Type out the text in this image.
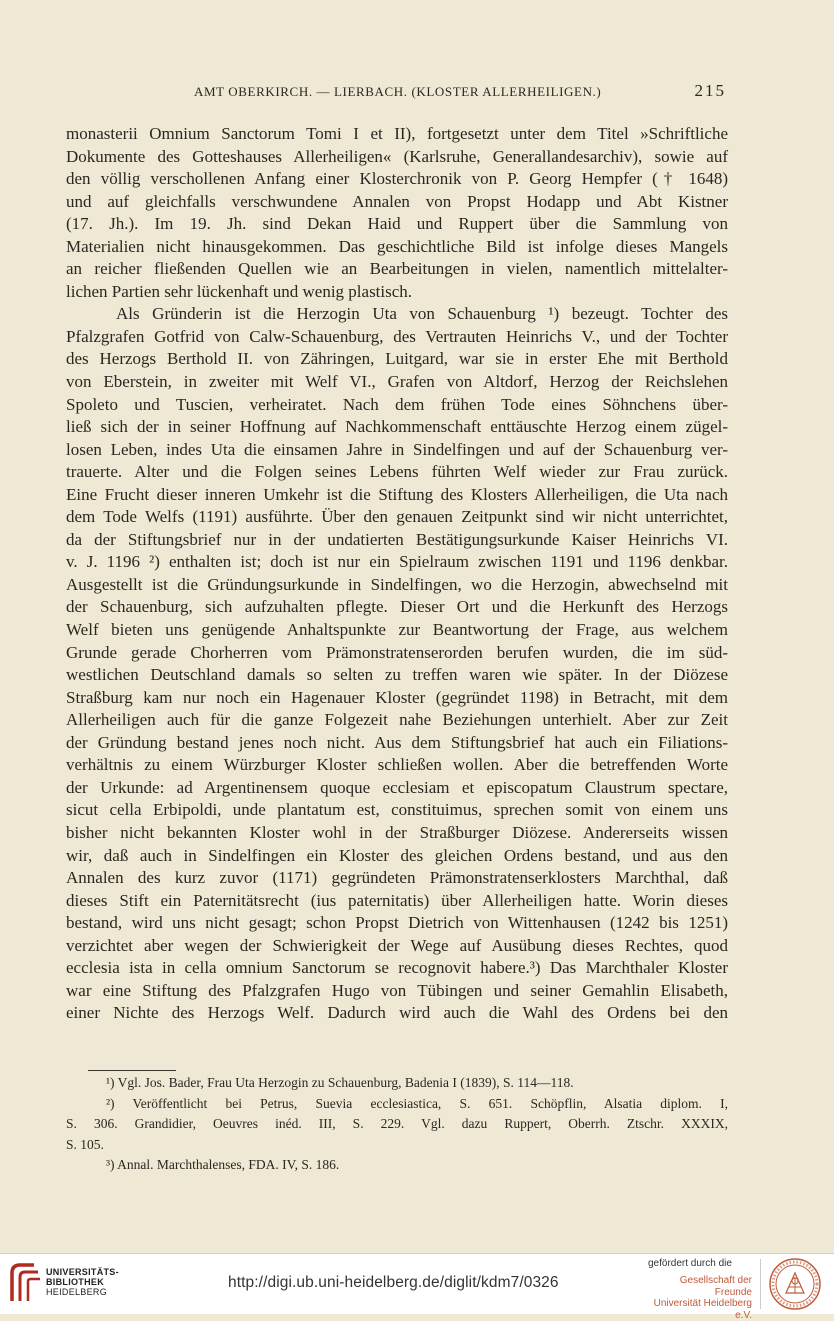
AMT OBERKIRCH. — LIERBACH. (KLOSTER ALLERHEILIGEN.)	215

monasterii Omnium Sanctorum Tomi I et II), fortgesetzt unter dem Titel »Schriftliche
Dokumente des Gotteshauses Allerheiligen« (Karlsruhe, Generallandesarchiv), sowie auf
den völlig verschollenen Anfang einer Klosterchronik von P. Georg Hempfer († 1648)
und auf gleichfalls verschwundene Annalen von Propst Hodapp und Abt Kistner
(17. Jh.). Im 19. Jh. sind Dekan Haid und Ruppert über die Sammlung von
Materialien nicht hinausgekommen. Das geschichtliche Bild ist infolge dieses Mangels
an reicher fließenden Quellen wie an Bearbeitungen in vielen, namentlich mittelalter-
lichen Partien sehr lückenhaft und wenig plastisch.

Als Gründerin ist die Herzogin Uta von Schauenburg ¹) bezeugt. Tochter des
Pfalzgrafen Gotfrid von Calw-Schauenburg, des Vertrauten Heinrichs V., und der Tochter
des Herzogs Berthold II. von Zähringen, Luitgard, war sie in erster Ehe mit Berthold
von Eberstein, in zweiter mit Welf VI., Grafen von Altdorf, Herzog der Reichslehen
Spoleto und Tuscien, verheiratet. Nach dem frühen Tode eines Söhnchens über-
ließ sich der in seiner Hoffnung auf Nachkommenschaft enttäuschte Herzog einem zügel-
losen Leben, indes Uta die einsamen Jahre in Sindelfingen und auf der Schauenburg ver-
trauerte. Alter und die Folgen seines Lebens führten Welf wieder zur Frau zurück.
Eine Frucht dieser inneren Umkehr ist die Stiftung des Klosters Allerheiligen, die Uta nach
dem Tode Welfs (1191) ausführte. Über den genauen Zeitpunkt sind wir nicht unterrichtet,
da der Stiftungsbrief nur in der undatierten Bestätigungsurkunde Kaiser Heinrichs VI.
v. J. 1196 ²) enthalten ist; doch ist nur ein Spielraum zwischen 1191 und 1196 denkbar.
Ausgestellt ist die Gründungsurkunde in Sindelfingen, wo die Herzogin, abwechselnd mit
der Schauenburg, sich aufzuhalten pflegte. Dieser Ort und die Herkunft des Herzogs
Welf bieten uns genügende Anhaltspunkte zur Beantwortung der Frage, aus welchem
Grunde gerade Chorherren vom Prämonstratenserorden berufen wurden, die im süd-
westlichen Deutschland damals so selten zu treffen waren wie später. In der Diözese
Straßburg kam nur noch ein Hagenauer Kloster (gegründet 1198) in Betracht, mit dem
Allerheiligen auch für die ganze Folgezeit nahe Beziehungen unterhielt. Aber zur Zeit
der Gründung bestand jenes noch nicht. Aus dem Stiftungsbrief hat auch ein Filiations-
verhältnis zu einem Würzburger Kloster schließen wollen. Aber die betreffenden Worte
der Urkunde: ad Argentinensem quoque ecclesiam et episcopatum Claustrum spectare,
sicut cella Erbipoldi, unde plantatum est, constituimus, sprechen somit von einem uns
bisher nicht bekannten Kloster wohl in der Straßburger Diözese. Andererseits wissen
wir, daß auch in Sindelfingen ein Kloster des gleichen Ordens bestand, und aus den
Annalen des kurz zuvor (1171) gegründeten Prämonstratenserklosters Marchthal, daß
dieses Stift ein Paternitätsrecht (ius paternitatis) über Allerheiligen hatte. Worin dieses
bestand, wird uns nicht gesagt; schon Propst Dietrich von Wittenhausen (1242 bis 1251)
verzichtet aber wegen der Schwierigkeit der Wege auf Ausübung dieses Rechtes, quod
ecclesia ista in cella omnium Sanctorum se recognovit habere.³) Das Marchthaler Kloster
war eine Stiftung des Pfalzgrafen Hugo von Tübingen und seiner Gemahlin Elisabeth,
einer Nichte des Herzogs Welf. Dadurch wird auch die Wahl des Ordens bei den

¹) Vgl. Jos. Bader, Frau Uta Herzogin zu Schauenburg, Badenia I (1839), S. 114—118.
²) Veröffentlicht bei Petrus, Suevia ecclesiastica, S. 651. Schöpflin, Alsatia diplom. I,
S. 306. Grandidier, Oeuvres inéd. III, S. 229. Vgl. dazu Ruppert, Oberrh. Ztschr. XXXIX,
S. 105.
³) Annal. Marchthalenses, FDA. IV, S. 186.
UNIVERSITÄTS-
BIBLIOTHEK
HEIDELBERG
http://digi.ub.uni-heidelberg.de/diglit/kdm7/0326
gefördert durch die
Gesellschaft der Freunde
Universität Heidelberg e.V.
